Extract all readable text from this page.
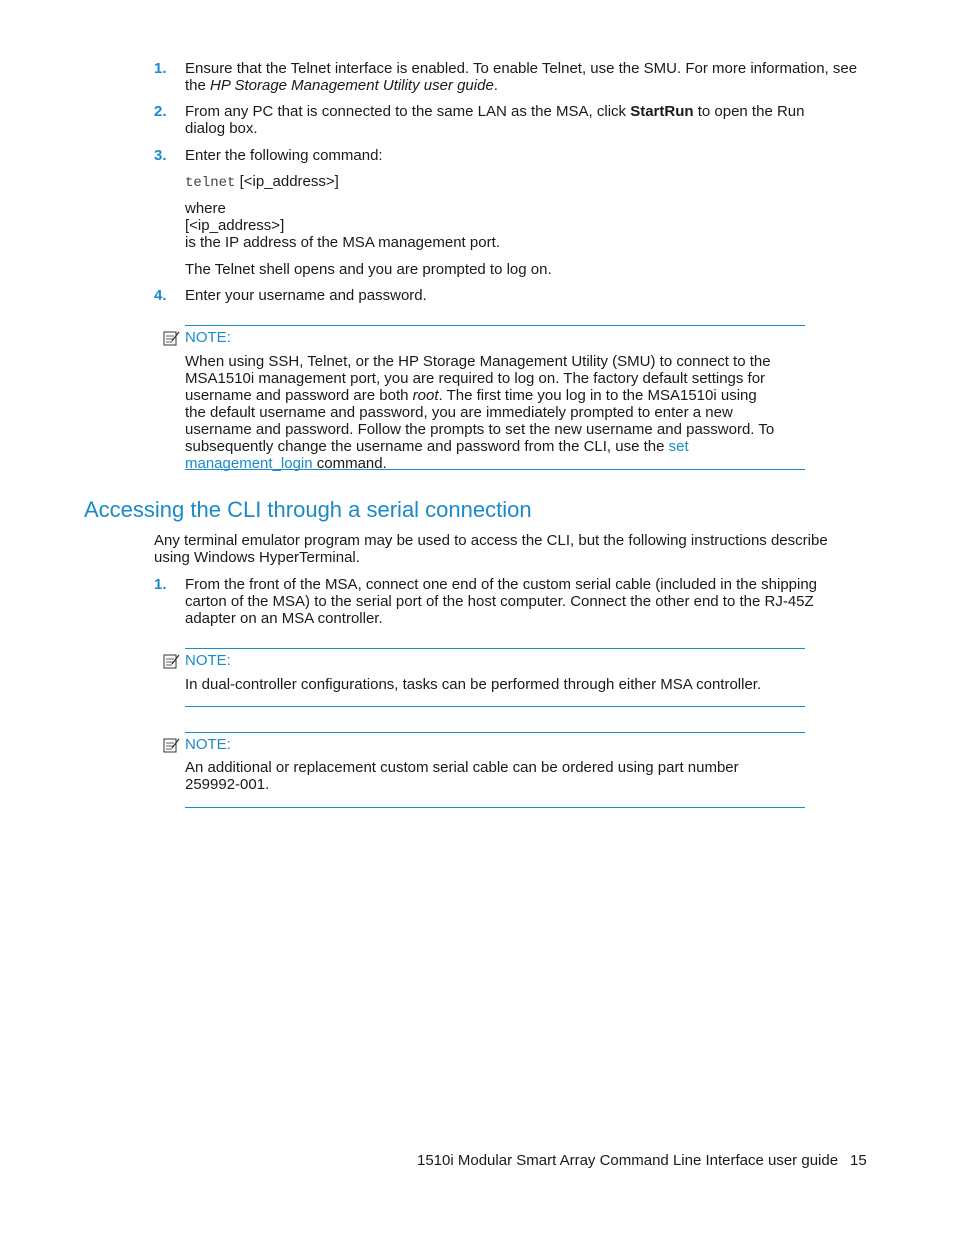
1. Ensure that the Telnet interface is enabled. To enable Telnet, use the SMU. For more information, see the HP Storage Management Utility user guide.
2. From any PC that is connected to the same LAN as the MSA, click StartRun to open the Run dialog box.
3. Enter the following command:
telnet [<ip_address>]
where
[<ip_address>]
is the IP address of the MSA management port.
The Telnet shell opens and you are prompted to log on.
4. Enter your username and password.
NOTE:
When using SSH, Telnet, or the HP Storage Management Utility (SMU) to connect to the MSA1510i management port, you are required to log on. The factory default settings for username and password are both root. The first time you log in to the MSA1510i using the default username and password, you are immediately prompted to enter a new username and password. Follow the prompts to set the new username and password. To subsequently change the username and password from the CLI, use the set management_login command.
Accessing the CLI through a serial connection
Any terminal emulator program may be used to access the CLI, but the following instructions describe using Windows HyperTerminal.
1. From the front of the MSA, connect one end of the custom serial cable (included in the shipping carton of the MSA) to the serial port of the host computer. Connect the other end to the RJ-45Z adapter on an MSA controller.
NOTE:
In dual-controller configurations, tasks can be performed through either MSA controller.
NOTE:
An additional or replacement custom serial cable can be ordered using part number 259992-001.
1510i Modular Smart Array Command Line Interface user guide 15
